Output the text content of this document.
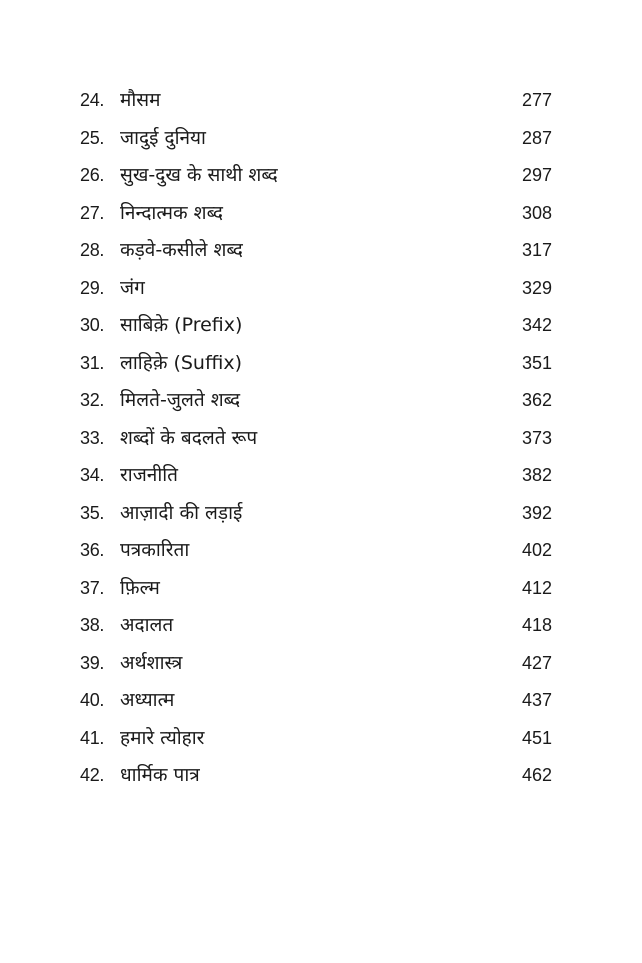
24. मौसम	277
25. जादुई दुनिया	287
26. सुख-दुख के साथी शब्द	297
27. निन्दात्मक शब्द	308
28. कड़वे-कसीले शब्द	317
29. जंग	329
30. साबिक़े (Prefix)	342
31. लाहिक़े (Suffix)	351
32. मिलते-जुलते शब्द	362
33. शब्दों के बदलते रूप	373
34. राजनीति	382
35. आज़ादी की लड़ाई	392
36. पत्रकारिता	402
37. फ़िल्म	412
38. अदालत	418
39. अर्थशास्त्र	427
40. अध्यात्म	437
41. हमारे त्योहार	451
42. धार्मिक पात्र	462
